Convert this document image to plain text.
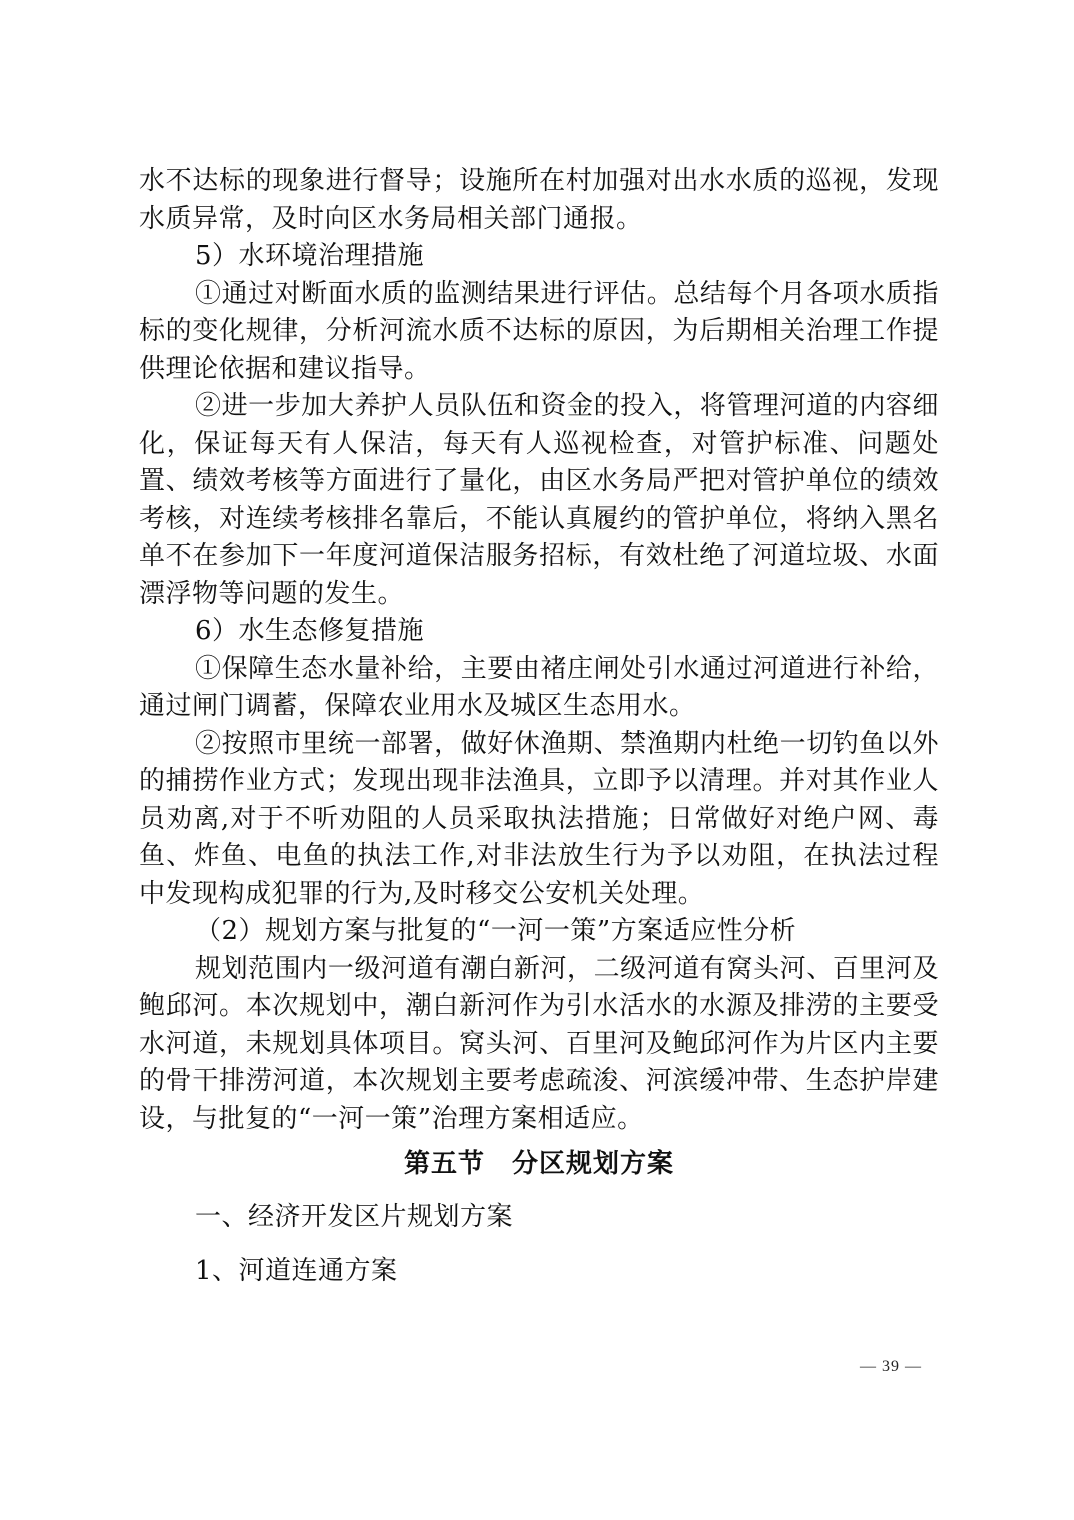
水不达标的现象进行督导；设施所在村加强对出水水质的巡视，发现水质异常，及时向区水务局相关部门通报。

5）水环境治理措施

①通过对断面水质的监测结果进行评估。总结每个月各项水质指标的变化规律，分析河流水质不达标的原因，为后期相关治理工作提供理论依据和建议指导。

②进一步加大养护人员队伍和资金的投入，将管理河道的内容细化，保证每天有人保洁，每天有人巡视检查，对管护标准、问题处置、绩效考核等方面进行了量化，由区水务局严把对管护单位的绩效考核，对连续考核排名靠后，不能认真履约的管护单位，将纳入黑名单不在参加下一年度河道保洁服务招标，有效杜绝了河道垃圾、水面漂浮物等问题的发生。

6）水生态修复措施

①保障生态水量补给，主要由褚庄闸处引水通过河道进行补给，通过闸门调蓄，保障农业用水及城区生态用水。

②按照市里统一部署，做好休渔期、禁渔期内杜绝一切钓鱼以外的捕捞作业方式；发现出现非法渔具，立即予以清理。并对其作业人员劝离,对于不听劝阻的人员采取执法措施；日常做好对绝户网、毒鱼、炸鱼、电鱼的执法工作,对非法放生行为予以劝阻，在执法过程中发现构成犯罪的行为,及时移交公安机关处理。

（2）规划方案与批复的“一河一策”方案适应性分析

规划范围内一级河道有潮白新河，二级河道有窝头河、百里河及鲍邱河。本次规划中，潮白新河作为引水活水的水源及排涝的主要受水河道，未规划具体项目。窝头河、百里河及鲍邱河作为片区内主要的骨干排涝河道，本次规划主要考虑疏浚、河滨缓冲带、生态护岸建设，与批复的“一河一策”治理方案相适应。

第五节　分区规划方案

一、经济开发区片规划方案

1、河道连通方案

— 39 —
